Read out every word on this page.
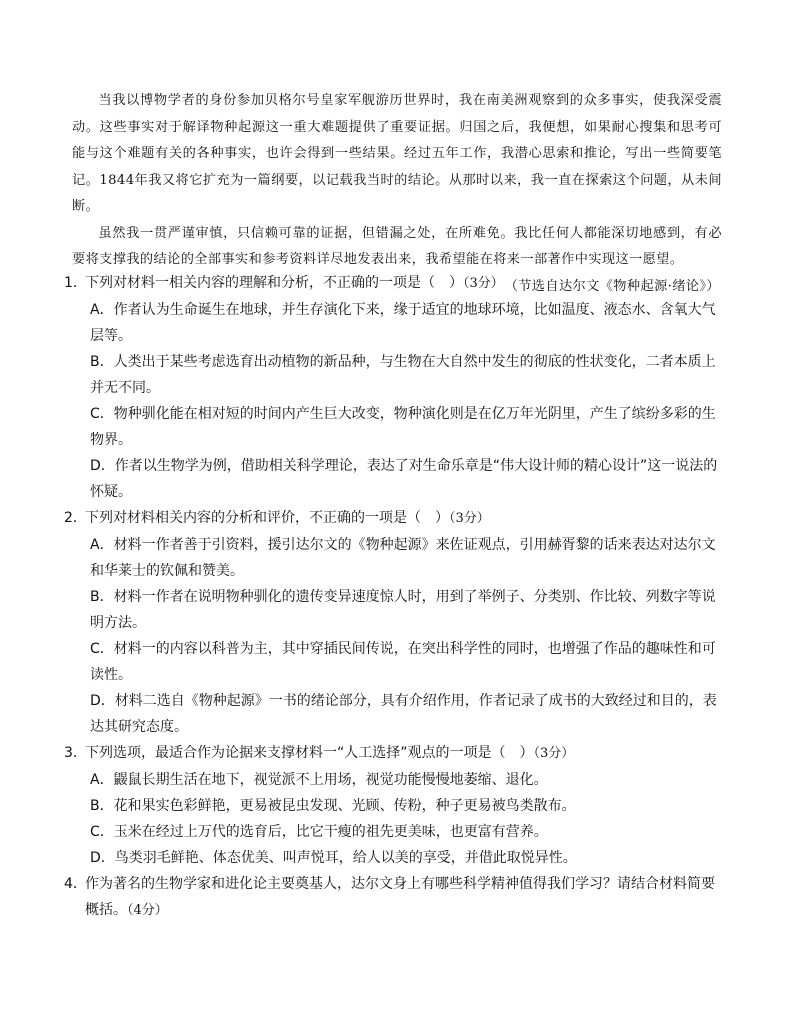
当我以博物学者的身份参加贝格尔号皇家军舰游历世界时，我在南美洲观察到的众多事实，使我深受震动。这些事实对于解译物种起源这一重大难题提供了重要证据。归国之后，我便想，如果耐心搜集和思考可能与这个难题有关的各种事实，也许会得到一些结果。经过五年工作，我潜心思索和推论，写出一些简要笔记。1844年我又将它扩充为一篇纲要，以记载我当时的结论。从那时以来，我一直在探索这个问题，从未间断。

虽然我一贯严谨审慎，只信赖可靠的证据，但错漏之处，在所难免。我比任何人都能深切地感到，有必要将支撑我的结论的全部事实和参考资料详尽地发表出来，我希望能在将来一部著作中实现这一愿望。

（节选自达尔文《物种起源·绪论》）

1．下列对材料一相关内容的理解和分析，不正确的一项是（　）（3分）
A．作者认为生命诞生在地球，并生存演化下来，缘于适宜的地球环境，比如温度、液态水、含氧大气层等。
B．人类出于某些考虑选育出动植物的新品种，与生物在大自然中发生的彻底的性状变化，二者本质上并无不同。
C．物种驯化能在相对短的时间内产生巨大改变，物种演化则是在亿万年光阴里，产生了缤纷多彩的生物界。
D．作者以生物学为例，借助相关科学理论，表达了对生命乐章是“伟大设计师的精心设计”这一说法的怀疑。
2．下列对材料相关内容的分析和评价，不正确的一项是（　）（3分）
A．材料一作者善于引资料，援引达尔文的《物种起源》来佐证观点，引用赫胥黎的话来表达对达尔文和华莱士的钦佩和赞美。
B．材料一作者在说明物种驯化的遗传变异速度惊人时，用到了举例子、分类别、作比较、列数字等说明方法。
C．材料一的内容以科普为主，其中穿插民间传说，在突出科学性的同时，也增强了作品的趣味性和可读性。
D．材料二选自《物种起源》一书的绪论部分，具有介绍作用，作者记录了成书的大致经过和目的，表达其研究态度。
3．下列选项，最适合作为论据来支撑材料一“人工选择”观点的一项是（　）（3分）
A．鼹鼠长期生活在地下，视觉派不上用场，视觉功能慢慢地萎缩、退化。
B．花和果实色彩鲜艳，更易被昆虫发现、光顾、传粉，种子更易被鸟类散布。
C．玉米在经过上万代的选育后，比它干瘦的祖先更美味，也更富有营养。
D．鸟类羽毛鲜艳、体态优美、叫声悦耳，给人以美的享受，并借此取悦异性。
4．作为著名的生物学家和进化论主要奠基人，达尔文身上有哪些科学精神值得我们学习？请结合材料简要概括。（4分）
